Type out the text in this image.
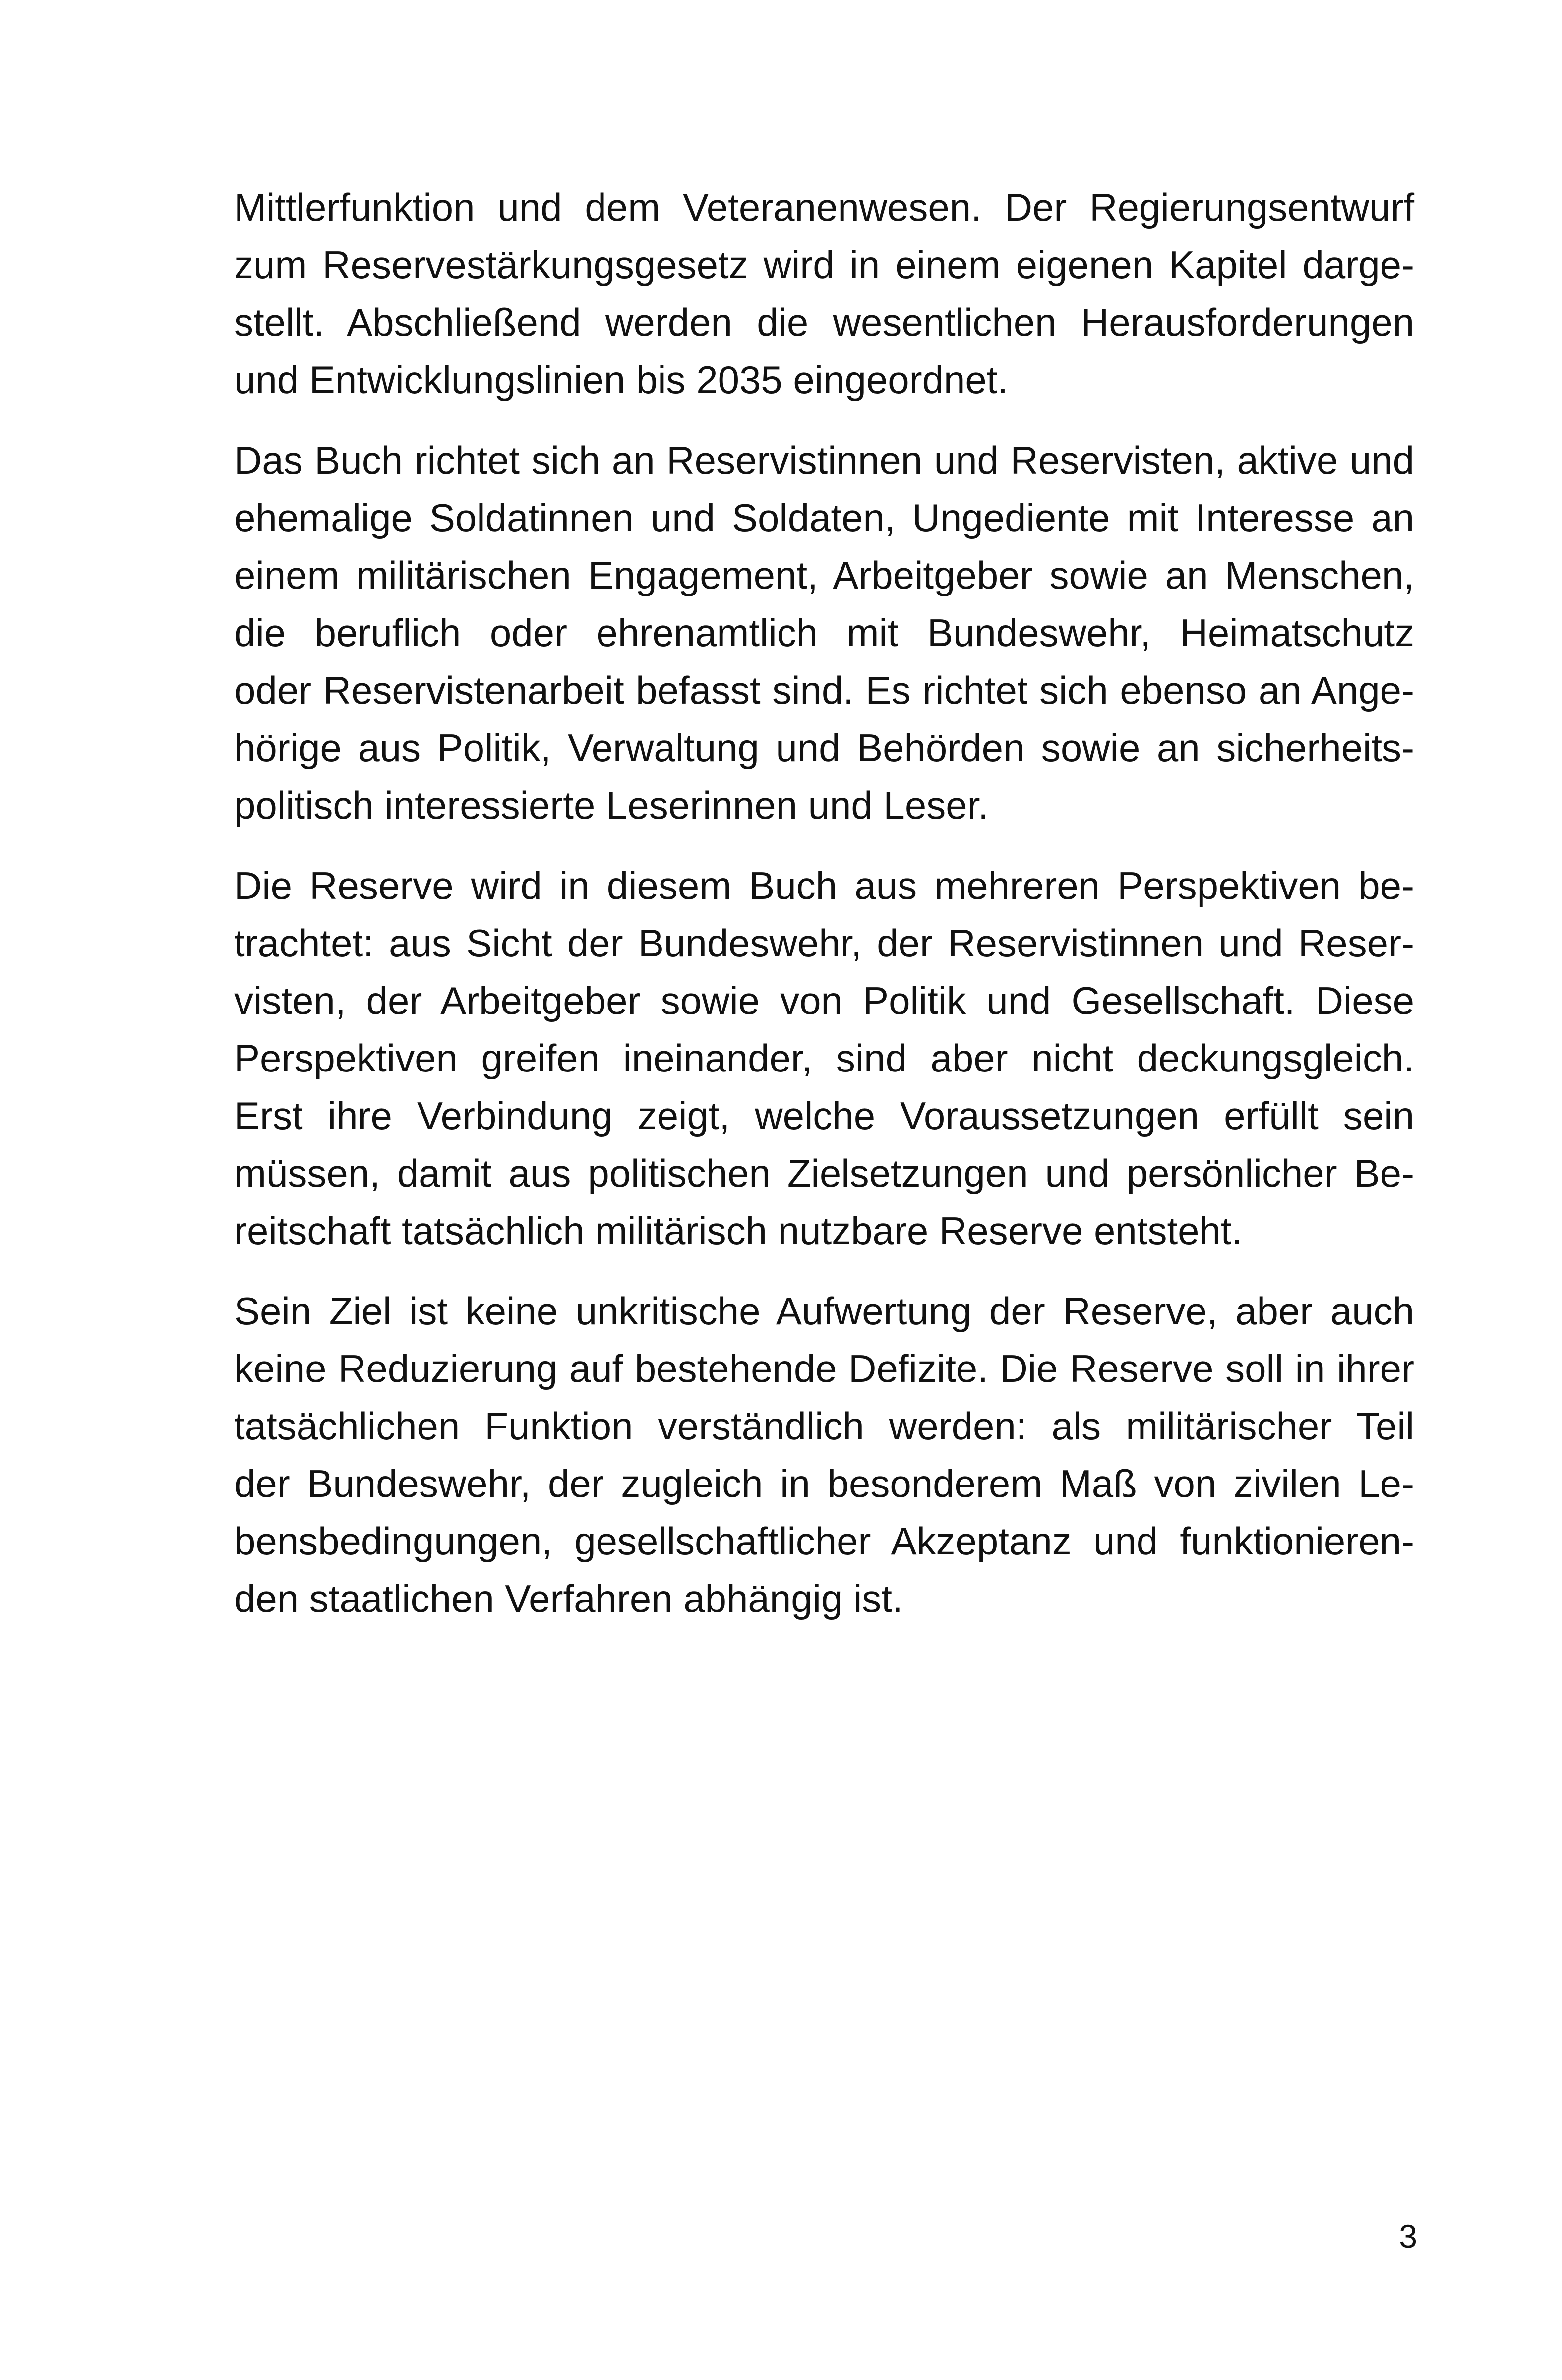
Mittlerfunktion und dem Veteranenwesen. Der Regierungsentwurf
zum Reservestärkungsgesetz wird in einem eigenen Kapitel darge-
stellt. Abschließend werden die wesentlichen Herausforderungen
und Entwicklungslinien bis 2035 eingeordnet.

Das Buch richtet sich an Reservistinnen und Reservisten, aktive und
ehemalige Soldatinnen und Soldaten, Ungediente mit Interesse an
einem militärischen Engagement, Arbeitgeber sowie an Menschen,
die beruflich oder ehrenamtlich mit Bundeswehr, Heimatschutz
oder Reservistenarbeit befasst sind. Es richtet sich ebenso an Ange-
hörige aus Politik, Verwaltung und Behörden sowie an sicherheits-
politisch interessierte Leserinnen und Leser.

Die Reserve wird in diesem Buch aus mehreren Perspektiven be-
trachtet: aus Sicht der Bundeswehr, der Reservistinnen und Reser-
visten, der Arbeitgeber sowie von Politik und Gesellschaft. Diese
Perspektiven greifen ineinander, sind aber nicht deckungsgleich.
Erst ihre Verbindung zeigt, welche Voraussetzungen erfüllt sein
müssen, damit aus politischen Zielsetzungen und persönlicher Be-
reitschaft tatsächlich militärisch nutzbare Reserve entsteht.

Sein Ziel ist keine unkritische Aufwertung der Reserve, aber auch
keine Reduzierung auf bestehende Defizite. Die Reserve soll in ihrer
tatsächlichen Funktion verständlich werden: als militärischer Teil
der Bundeswehr, der zugleich in besonderem Maß von zivilen Le-
bensbedingungen, gesellschaftlicher Akzeptanz und funktionieren-
den staatlichen Verfahren abhängig ist.

3
